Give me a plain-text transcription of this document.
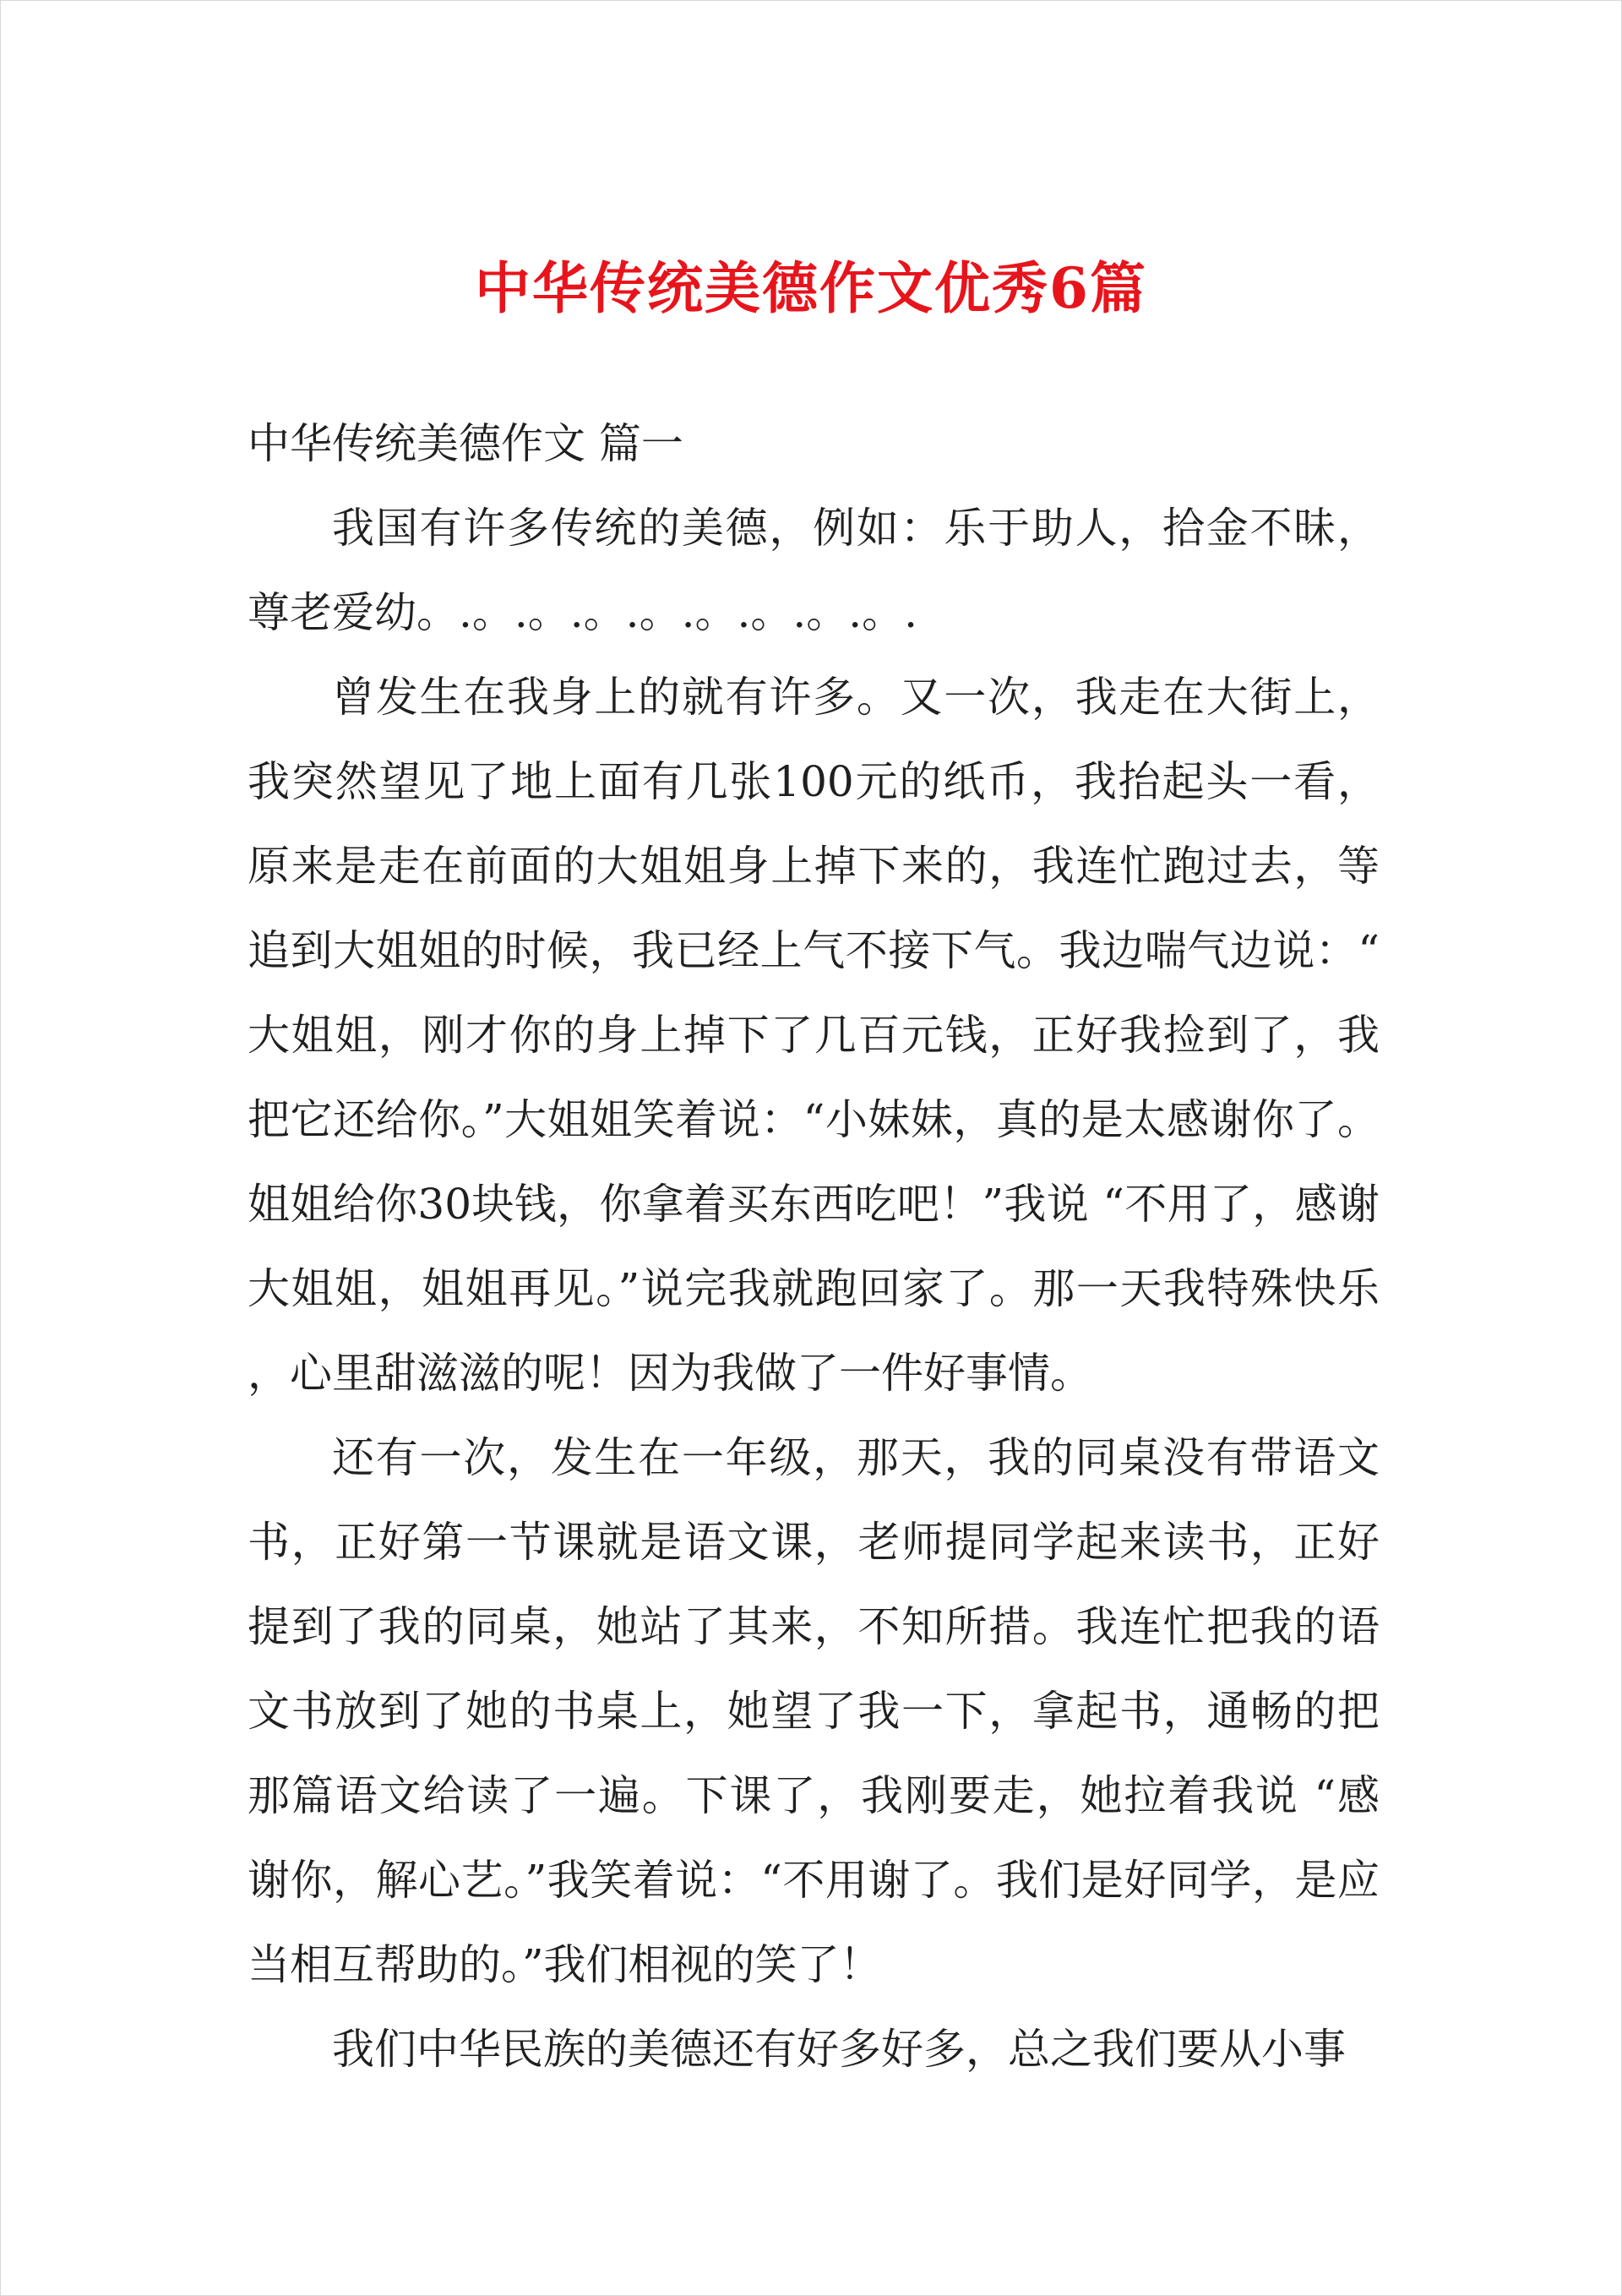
中华传统美德作文优秀6篇
中华传统美德作文 篇一

我国有许多传统的美德，例如：乐于助人，拾金不昧，尊老爱幼。.。.。.。.。.。.。.。.。.

曾发生在我身上的就有许多。又一次，我走在大街上，我突然望见了地上面有几张100元的纸币，我抬起头一看，原来是走在前面的大姐姐身上掉下来的，我连忙跑过去，等追到大姐姐的时候，我已经上气不接下气。我边喘气边说：“大姐姐，刚才你的身上掉下了几百元钱，正好我捡到了，我把它还给你。”大姐姐笑着说：“小妹妹，真的是太感谢你了。姐姐给你30块钱，你拿着买东西吃吧！”我说 “不用了，感谢大姐姐，姐姐再见。”说完我就跑回家了。那一天我特殊快乐，心里甜滋滋的呢！因为我做了一件好事情。

还有一次，发生在一年级，那天，我的同桌没有带语文书，正好第一节课就是语文课，老师提同学起来读书，正好提到了我的同桌，她站了其来，不知所措。我连忙把我的语文书放到了她的书桌上，她望了我一下，拿起书，通畅的把那篇语文给读了一遍。下课了，我刚要走，她拉着我说 “感谢你，解心艺。”我笑着说：“不用谢了。我们是好同学，是应当相互帮助的。”我们相视的笑了！

我们中华民族的美德还有好多好多，总之我们要从小事
